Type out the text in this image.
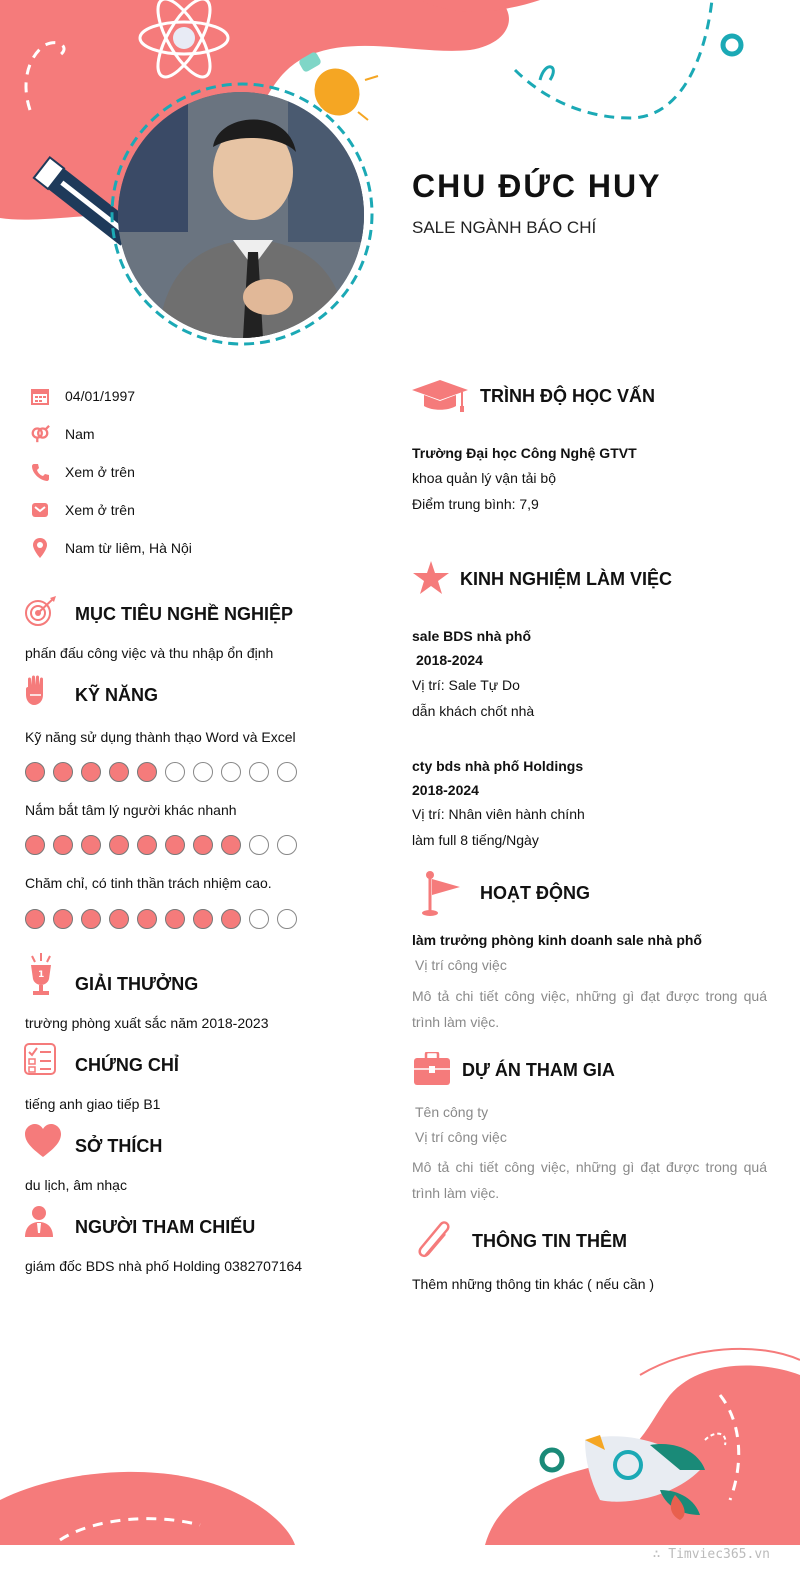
CHU ĐỨC HUY
SALE NGÀNH BÁO CHÍ
04/01/1997
Nam
Xem ở trên
Xem ở trên
Nam từ liêm, Hà Nội
MỤC TIÊU NGHỀ NGHIỆP
phấn đấu công việc và thu nhập ổn định
KỸ NĂNG
Kỹ năng sử dụng thành thạo Word và Excel
Nắm bắt tâm lý người khác nhanh
Chăm chỉ, có tinh thần trách nhiệm cao.
1 GIẢI THƯỞNG
trường phòng xuất sắc năm 2018-2023
CHỨNG CHỈ
tiếng anh giao tiếp B1
SỞ THÍCH
du lịch, âm nhạc
NGƯỜI THAM CHIẾU
giám đốc BDS nhà phố Holding 0382707164
TRÌNH ĐỘ HỌC VẤN
Trường Đại học Công Nghệ GTVT
khoa quản lý vận tải bộ
Điểm trung bình: 7,9
KINH NGHIỆM LÀM VIỆC
sale BDS nhà phố
2018-2024
Vị trí: Sale Tự Do
dẫn khách chốt nhà
cty bds nhà phố Holdings
2018-2024
Vị trí: Nhân viên hành chính
làm full 8 tiếng/Ngày
HOẠT ĐỘNG
làm trưởng phòng kinh doanh sale nhà phố
Vị trí công việc
Mô tả chi tiết công việc, những gì đạt được trong quá trình làm việc.
DỰ ÁN THAM GIA
Tên công ty
Vị trí công việc
Mô tả chi tiết công việc, những gì đạt được trong quá trình làm việc.
THÔNG TIN THÊM
Thêm những thông tin khác ( nếu cần )
∴ Timviec365.vn
